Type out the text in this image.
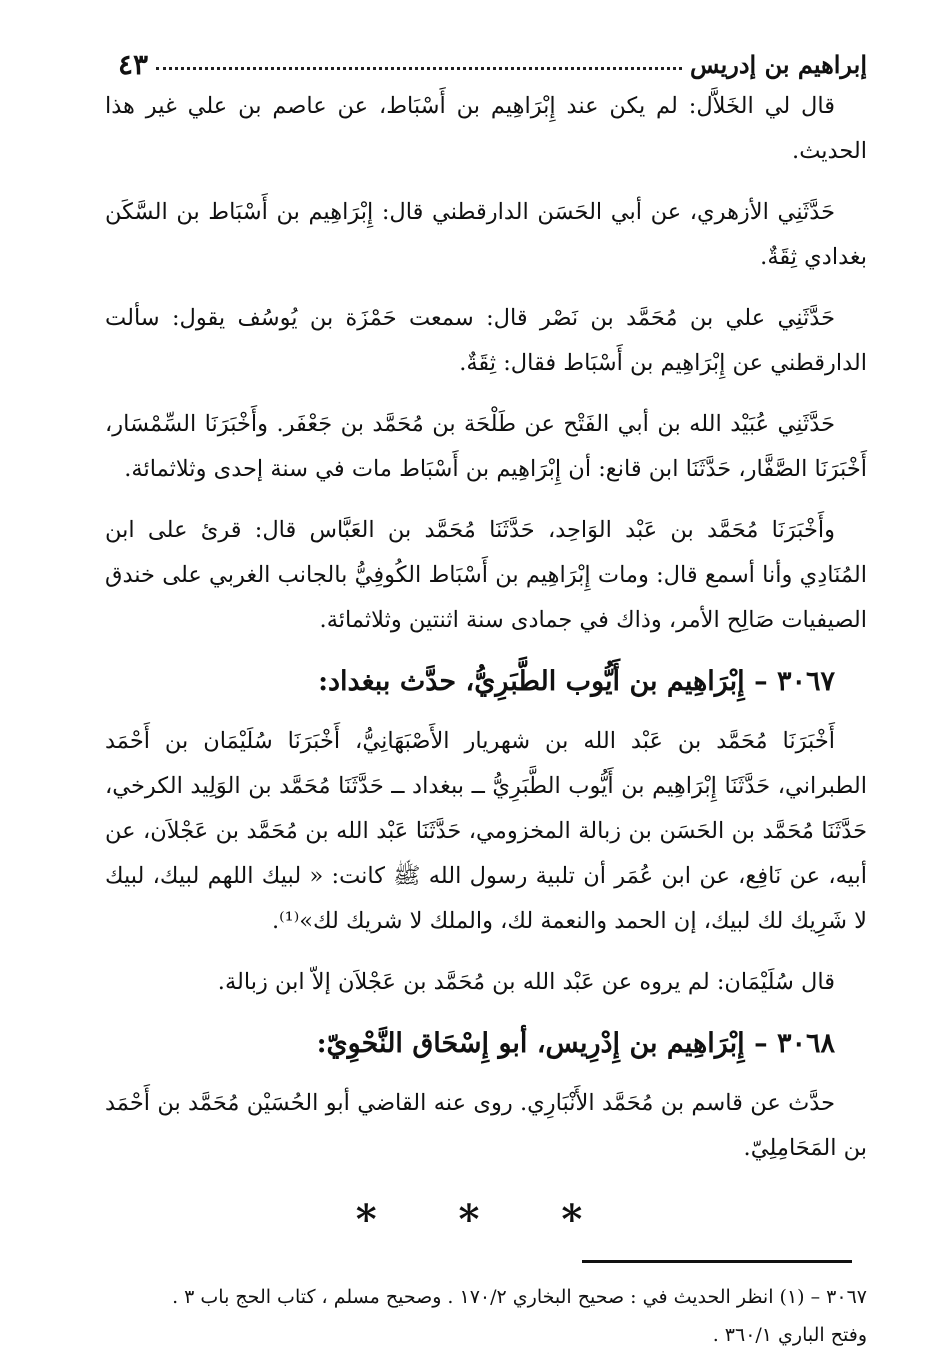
إبراهيم بن إدريس
٤٣

قال لي الخَلاَّل: لم يكن عند إِبْرَاهِيم بن أَسْبَاط، عن عاصم بن علي غير هذا الحديث.

حَدَّثَنِي الأزهري، عن أبي الحَسَن الدارقطني قال: إِبْرَاهِيم بن أَسْبَاط بن السَّكَن بغدادي ثِقَةٌ.

حَدَّثَنِي علي بن مُحَمَّد بن نَصْر قال: سمعت حَمْزَة بن يُوسُف يقول: سألت الدارقطني عن إِبْرَاهِيم بن أَسْبَاط فقال: ثِقَةٌ.

حَدَّثَنِي عُبَيْد الله بن أبي الفَتْح عن طَلْحَة بن مُحَمَّد بن جَعْفَر. وأَخْبَرَنَا السِّمْسَار، أَخْبَرَنَا الصَّفَّار، حَدَّثَنَا ابن قانع: أن إِبْرَاهِيم بن أَسْبَاط مات في سنة إحدى وثلاثمائة.

وأَخْبَرَنَا مُحَمَّد بن عَبْد الوَاحِد، حَدَّثَنَا مُحَمَّد بن العَبَّاس قال: قرئ على ابن المُنَادِي وأنا أسمع قال: ومات إِبْرَاهِيم بن أَسْبَاط الكُوفِيُّ بالجانب الغربي على خندق الصيفيات صَالِح الأمر، وذاك في جمادى سنة اثنتين وثلاثمائة.

٣٠٦٧ – إِبْرَاهِيم بن أَيُّوب الطَّبَرِيُّ، حدَّث ببغداد:

أَخْبَرَنَا مُحَمَّد بن عَبْد الله بن شهريار الأَصْبَهَانِيُّ، أَخْبَرَنَا سُلَيْمَان بن أَحْمَد الطبراني، حَدَّثَنَا إِبْرَاهِيم بن أَيُّوب الطَّبَرِيُّ ــ ببغداد ــ حَدَّثَنَا مُحَمَّد بن الوَلِيد الكرخي، حَدَّثَنَا مُحَمَّد بن الحَسَن بن زبالة المخزومي، حَدَّثَنَا عَبْد الله بن مُحَمَّد بن عَجْلاَن، عن أبيه، عن نَافِع، عن ابن عُمَر أن تلبية رسول الله ﷺ كانت: « لبيك اللهم لبيك، لبيك لا شَرِيك لك لبيك، إن الحمد والنعمة لك، والملك لا شريك لك»⁽¹⁾.

قال سُلَيْمَان: لم يروه عن عَبْد الله بن مُحَمَّد بن عَجْلاَن إلاّ ابن زبالة.

٣٠٦٨ – إِبْرَاهِيم بن إِدْرِيس، أبو إِسْحَاق النَّحْوِيّ:

حدَّث عن قاسم بن مُحَمَّد الأَنْبَارِي. روى عنه القاضي أبو الحُسَيْن مُحَمَّد بن أَحْمَد بن المَحَامِلِيّ.

* * *

٣٠٦٧ – (١) انظر الحديث في : صحيح البخاري ١٧٠/٢ . وصحيح مسلم ، كتاب الحج باب ٣ .

وفتح الباري ٣٦٠/١ .
